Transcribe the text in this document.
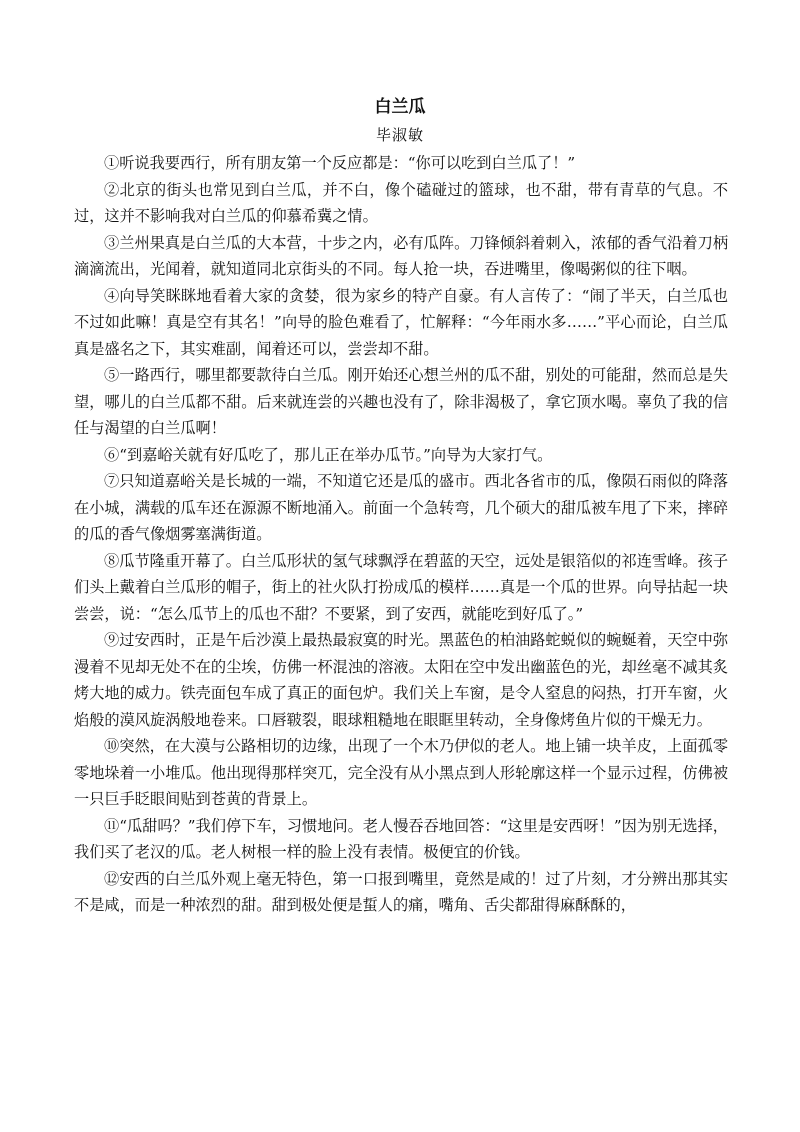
白兰瓜
毕淑敏

①听说我要西行，所有朋友第一个反应都是：“你可以吃到白兰瓜了！”

②北京的街头也常见到白兰瓜，并不白，像个磕碰过的篮球，也不甜，带有青草的气息。不过，这并不影响我对白兰瓜的仰慕希冀之情。

③兰州果真是白兰瓜的大本营，十步之内，必有瓜阵。刀锋倾斜着刺入，浓郁的香气沿着刀柄滴滴流出，光闻着，就知道同北京街头的不同。每人抢一块，吞进嘴里，像喝粥似的往下咽。

④向导笑眯眯地看着大家的贪婪，很为家乡的特产自豪。有人言传了：“闹了半天，白兰瓜也不过如此嘛！真是空有其名！”向导的脸色难看了，忙解释：“今年雨水多……”平心而论，白兰瓜真是盛名之下，其实难副，闻着还可以，尝尝却不甜。

⑤一路西行，哪里都要款待白兰瓜。刚开始还心想兰州的瓜不甜，别处的可能甜，然而总是失望，哪儿的白兰瓜都不甜。后来就连尝的兴趣也没有了，除非渴极了，拿它顶水喝。辜负了我的信任与渴望的白兰瓜啊！

⑥“到嘉峪关就有好瓜吃了，那儿正在举办瓜节。”向导为大家打气。

⑦只知道嘉峪关是长城的一端，不知道它还是瓜的盛市。西北各省市的瓜，像陨石雨似的降落在小城，满载的瓜车还在源源不断地涌入。前面一个急转弯，几个硕大的甜瓜被车甩了下来，摔碎的瓜的香气像烟雾塞满街道。

⑧瓜节隆重开幕了。白兰瓜形状的氢气球飘浮在碧蓝的天空，远处是银箔似的祁连雪峰。孩子们头上戴着白兰瓜形的帽子，街上的社火队打扮成瓜的模样……真是一个瓜的世界。向导拈起一块尝尝，说：“怎么瓜节上的瓜也不甜？不要紧，到了安西，就能吃到好瓜了。”

⑨过安西时，正是午后沙漠上最热最寂寞的时光。黑蓝色的柏油路蛇蜕似的蜿蜒着，天空中弥漫着不见却无处不在的尘埃，仿佛一杯混浊的溶液。太阳在空中发出幽蓝色的光，却丝毫不减其炙烤大地的威力。铁壳面包车成了真正的面包炉。我们关上车窗，是令人窒息的闷热，打开车窗，火焰般的漠风旋涡般地卷来。口唇皲裂，眼球粗糙地在眼眶里转动，全身像烤鱼片似的干燥无力。

⑩突然，在大漠与公路相切的边缘，出现了一个木乃伊似的老人。地上铺一块羊皮，上面孤零零地垛着一小堆瓜。他出现得那样突兀，完全没有从小黑点到人形轮廓这样一个显示过程，仿佛被一只巨手眨眼间贴到苍黄的背景上。

⑪“瓜甜吗？”我们停下车，习惯地问。老人慢吞吞地回答：“这里是安西呀！”因为别无选择，我们买了老汉的瓜。老人树根一样的脸上没有表情。极便宜的价钱。

⑫安西的白兰瓜外观上毫无特色，第一口报到嘴里，竟然是咸的！过了片刻，才分辨出那其实不是咸，而是一种浓烈的甜。甜到极处便是蜇人的痛，嘴角、舌尖都甜得麻酥酥的，
